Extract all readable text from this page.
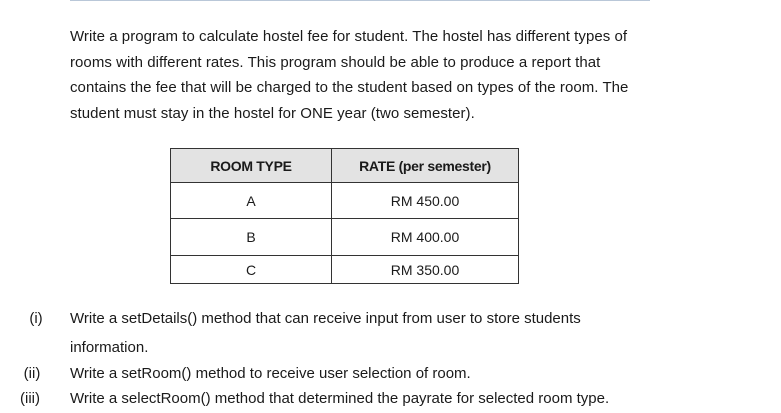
Write a program to calculate hostel fee for student. The hostel has different types of
rooms with different rates. This program should be able to produce a report that
contains the fee that will be charged to the student based on types of the room. The
student must stay in the hostel for ONE year (two semester).
ROOM TYPE	RATE (per semester)
A	RM 450.00
B	RM 400.00
C	RM 350.00
(i)	Write a setDetails() method that can receive input from user to store students
information.
(ii) Write a setRoom() method to receive user selection of room.
(iii) Write a selectRoom() method that determined the payrate for selected room type.
